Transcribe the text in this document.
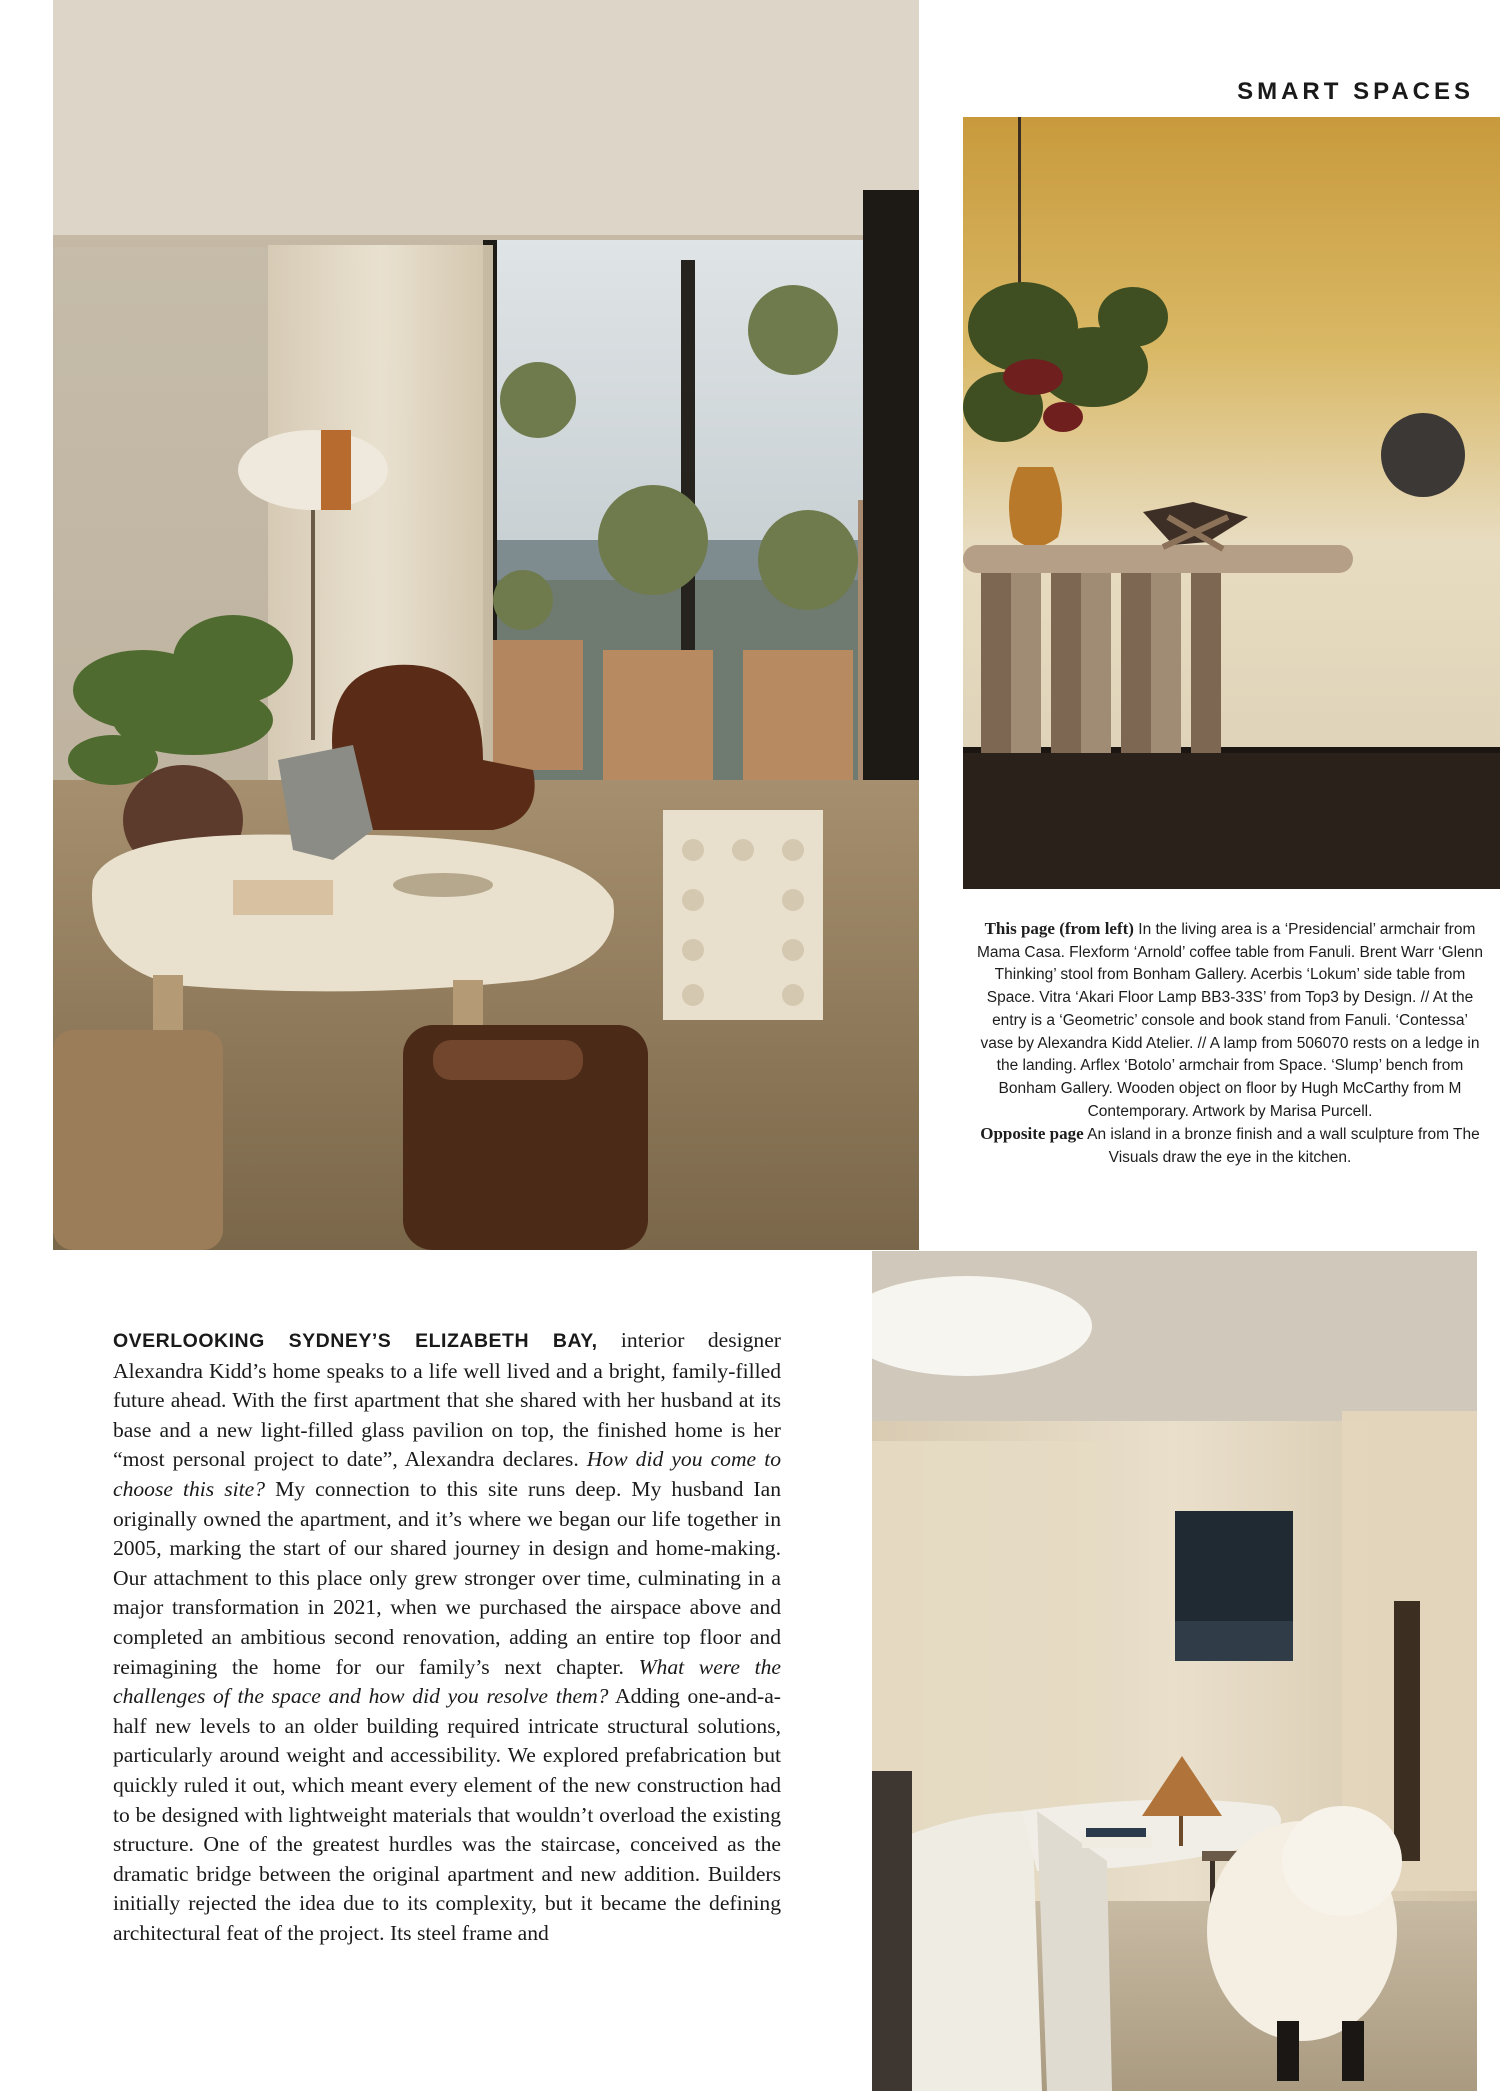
SMART SPACES

This page (from left) In the living area is a ‘Presidencial’ armchair from Mama Casa. Flexform ‘Arnold’ coffee table from Fanuli. Brent Warr ‘Glenn Thinking’ stool from Bonham Gallery. Acerbis ‘Lokum’ side table from Space. Vitra ‘Akari Floor Lamp BB3-33S’ from Top3 by Design. // At the entry is a ‘Geometric’ console and book stand from Fanuli. ‘Contessa’ vase by Alexandra Kidd Atelier. // A lamp from 506070 rests on a ledge in the landing. Arflex ‘Botolo’ armchair from Space. ‘Slump’ bench from Bonham Gallery. Wooden object on floor by Hugh McCarthy from M Contemporary. Artwork by Marisa Purcell.
Opposite page An island in a bronze finish and a wall sculpture from The Visuals draw the eye in the kitchen.

OVERLOOKING SYDNEY’S ELIZABETH BAY, interior designer Alexandra Kidd’s home speaks to a life well lived and a bright, family-filled future ahead. With the first apartment that she shared with her husband at its base and a new light-filled glass pavilion on top, the finished home is her “most personal project to date”, Alexandra declares. How did you come to choose this site? My connection to this site runs deep. My husband Ian originally owned the apartment, and it’s where we began our life together in 2005, marking the start of our shared journey in design and home-making. Our attachment to this place only grew stronger over time, culminating in a major transformation in 2021, when we purchased the airspace above and completed an ambitious second renovation, adding an entire top floor and reimagining the home for our family’s next chapter. What were the challenges of the space and how did you resolve them? Adding one-and-a-half new levels to an older building required intricate structural solutions, particularly around weight and accessibility. We explored prefabrication but quickly ruled it out, which meant every element of the new construction had to be designed with lightweight materials that wouldn’t overload the existing structure. One of the greatest hurdles was the staircase, conceived as the dramatic bridge between the original apartment and new addition. Builders initially rejected the idea due to its complexity, but it became the defining architectural feat of the project. Its steel frame and
